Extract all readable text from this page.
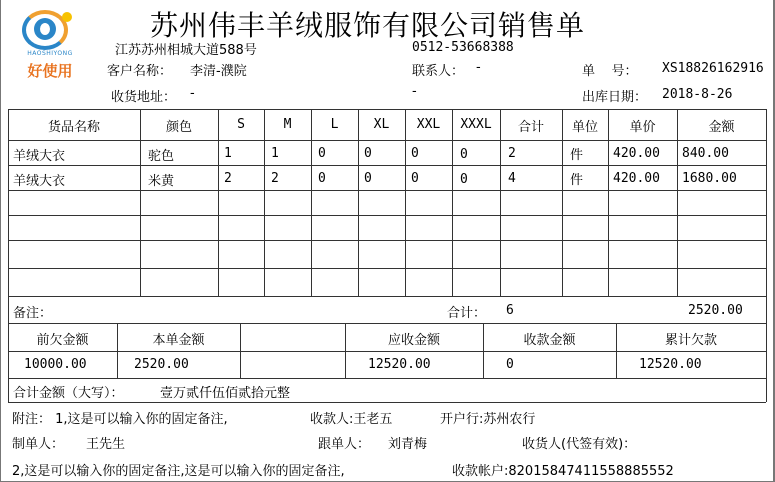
HAOSHIYONG
好使用
苏州伟丰羊绒服饰有限公司销售单
江苏苏州相城大道588号	0512-53668388
客户名称： 李清-濮院	联系人： -	单    号： XS18826162916
收货地址： -	-	出库日期： 2018-8-26
货品名称	颜色	S	M	L	XL	XXL	XXXL	合计	单位	单价	金额
羊绒大衣	驼色	1	1	0	0	0	0	2	件 420.00 840.00
羊绒大衣	米黄	2	2	0	0	0	0	4	件 420.00 1680.00
备注：	合计： 6	2520.00
前欠金额	本单金额	应收金额	收款金额	累计欠款
10000.00	2520.00	12520.00	0	12520.00
合计金额（大写）：	壹万贰仟伍佰贰拾元整
附注： 1,这是可以输入你的固定备注,	收款人:王老五	开户行:苏州农行
制单人： 王先生	跟单人： 刘青梅	收货人(代签有效)：
2,这是可以输入你的固定备注,这是可以输入你的固定备注,	收款帐户:82015847411558885552
